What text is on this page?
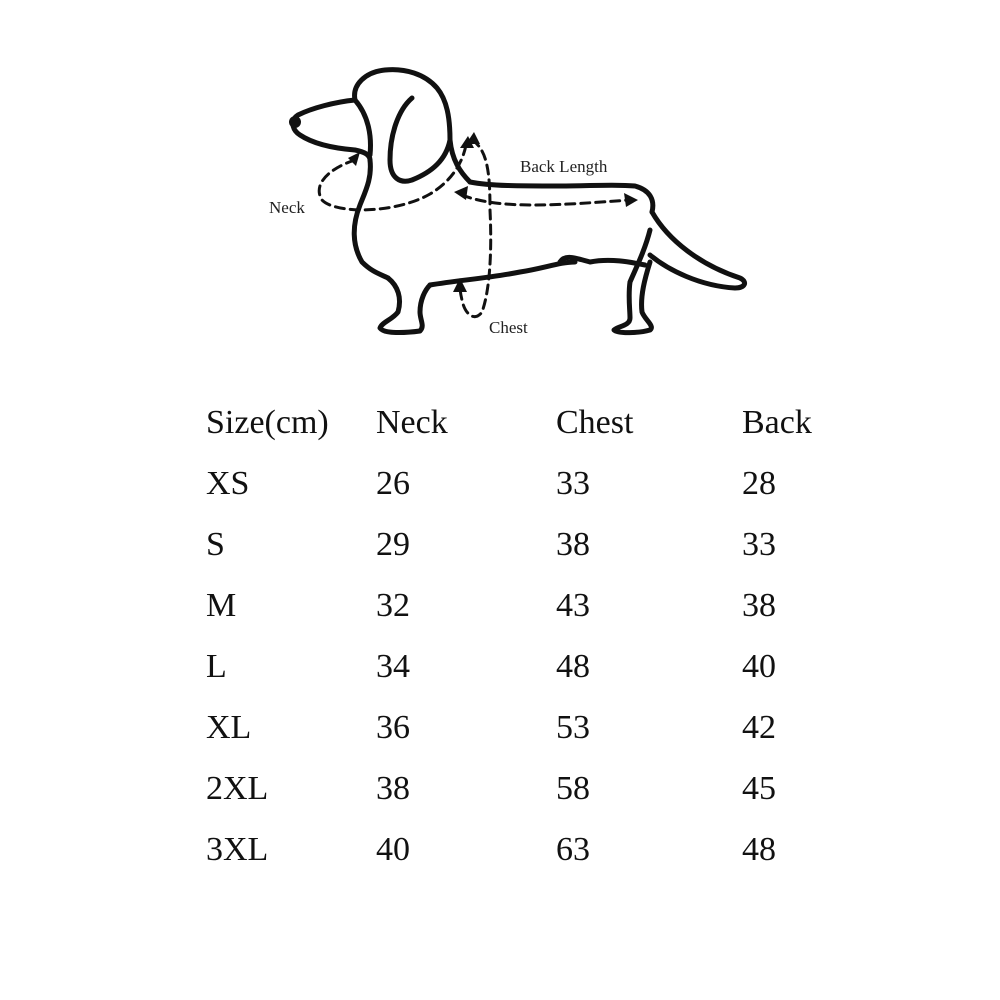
Neck
Back Length
Chest
Size(cm)	Neck	Chest	Back
XS	26	33	28
S	29	38	33
M	32	43	38
L	34	48	40
XL	36	53	42
2XL	38	58	45
3XL	40	63	48
